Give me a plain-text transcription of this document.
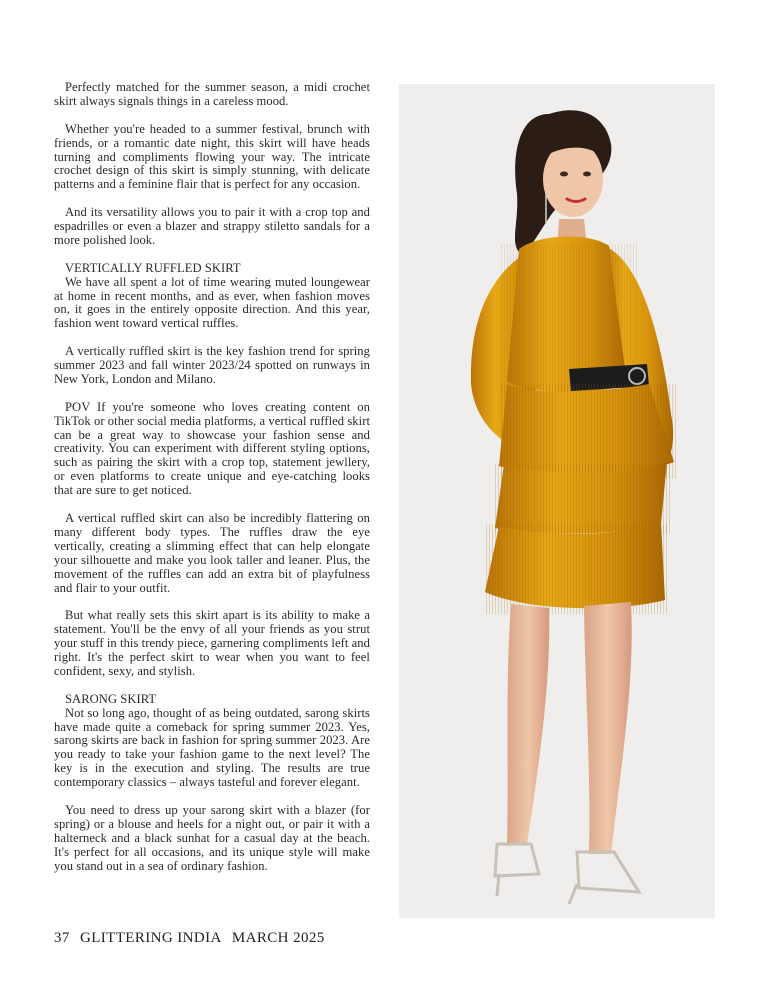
Perfectly matched for the summer season, a midi crochet skirt always signals things in a careless mood.

Whether you're headed to a summer festival, brunch with friends, or a romantic date night, this skirt will have heads turning and compliments flowing your way. The intricate crochet design of this skirt is simply stunning, with delicate patterns and a feminine flair that is perfect for any occasion.

And its versatility allows you to pair it with a crop top and espadrilles or even a blazer and strappy stiletto sandals for a more polished look.

VERTICALLY RUFFLED SKIRT

We have all spent a lot of time wearing muted loungewear at home in recent months, and as ever, when fashion moves on, it goes in the entirely opposite direction. And this year, fashion went toward vertical ruffles.

A vertically ruffled skirt is the key fashion trend for spring summer 2023 and fall winter 2023/24 spotted on runways in New York, London and Milano.

POV If you're someone who loves creating content on TikTok or other social media platforms, a vertical ruffled skirt can be a great way to showcase your fashion sense and creativity. You can experiment with different styling options, such as pairing the skirt with a crop top, statement jewllery, or even platforms to create unique and eye-catching looks that are sure to get noticed.

A vertical ruffled skirt can also be incredibly flattering on many different body types. The ruffles draw the eye vertically, creating a slimming effect that can help elongate your silhouette and make you look taller and leaner. Plus, the movement of the ruffles can add an extra bit of playfulness and flair to your outfit.

But what really sets this skirt apart is its ability to make a statement. You'll be the envy of all your friends as you strut your stuff in this trendy piece, garnering compliments left and right. It's the perfect skirt to wear when you want to feel confident, sexy, and stylish.

SARONG SKIRT

Not so long ago, thought of as being outdated, sarong skirts have made quite a comeback for spring summer 2023. Yes, sarong skirts are back in fashion for spring summer 2023. Are you ready to take your fashion game to the next level? The key is in the execution and styling. The results are true contemporary classics – always tasteful and forever elegant.

You need to dress up your sarong skirt with a blazer (for spring) or a blouse and heels for a night out, or pair it with a halterneck and a black sunhat for a casual day at the beach. It's perfect for all occasions, and its unique style will make you stand out in a sea of ordinary fashion.

37 GLITTERING INDIA MARCH 2025
